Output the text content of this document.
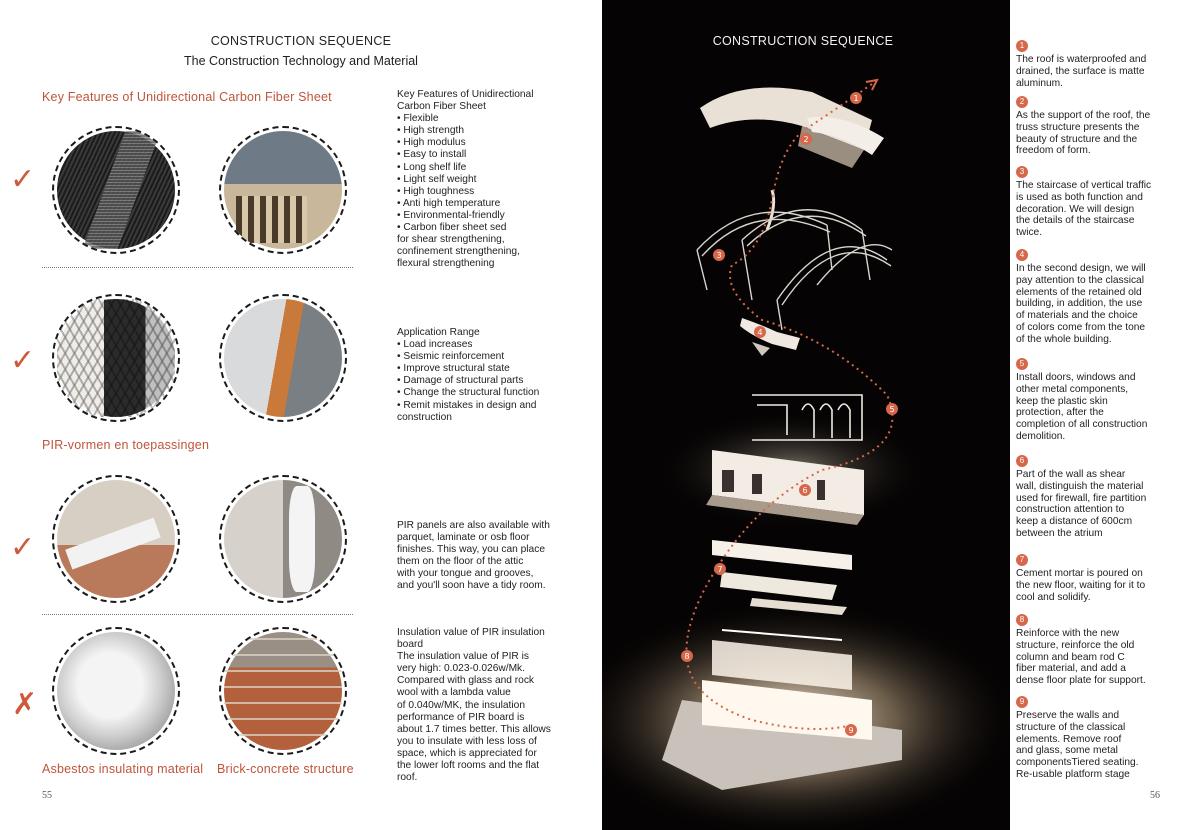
CONSTRUCTION SEQUENCE
The Construction Technology and Material
Key Features of Unidirectional Carbon Fiber Sheet
✓
Key Features of Unidirectional
Carbon Fiber Sheet
• Flexible
• High strength
• High modulus
• Easy to install
• Long shelf life
• Light self weight
• High toughness
• Anti high temperature
• Environmental-friendly
• Carbon fiber sheet sed
for shear strengthening,
confinement strengthening,
flexural strengthening
✓
Application Range
• Load increases
• Seismic reinforcement
• Improve structural state
• Damage of structural parts
• Change the structural function
• Remit mistakes in design and
construction
PIR-vormen en toepassingen
✓
PIR panels are also available with
parquet, laminate or osb floor
finishes. This way, you can place
them on the floor of the attic
with your tongue and grooves,
and you'll soon have a tidy room.
✗
Insulation value of PIR insulation
board
The insulation value of PIR is
very high: 0.023-0.026w/Mk.
Compared with glass and rock
wool with a lambda value
of 0.040w/MK, the insulation
performance of PIR board is
about 1.7 times better. This allows
you to insulate with less loss of
space, which is appreciated for
the lower loft rooms and the flat
roof.
Asbestos insulating material Brick-concrete structure
55
CONSTRUCTION SEQUENCE
1
2
3
4
5
6
7
8
9
1
The roof is waterproofed and
drained, the surface is matte
aluminum.
2
As the support of the roof, the
truss structure presents the
beauty of structure and the
freedom of form.
3
The staircase of vertical traffic
is used as both function and
decoration. We will design
the details of the staircase
twice.
4
In the second design, we will
pay attention to the classical
elements of the retained old
building, in addition, the use
of materials and the choice
of colors come from the tone
of the whole building.
5
Install doors, windows and
other metal components,
keep the plastic skin
protection, after the
completion of all construction
demolition.
6
Part of the wall as shear
wall, distinguish the material
used for firewall, fire partition
construction attention to
keep a distance of 600cm
between the atrium
7
Cement mortar is poured on
the new floor, waiting for it to
cool and solidify.
8
Reinforce with the new
structure, reinforce the old
column and beam rod C
fiber material, and add a
dense floor plate for support.
9
Preserve the walls and
structure of the classical
elements. Remove roof
and glass, some metal
componentsTiered seating.
Re-usable platform stage
56
